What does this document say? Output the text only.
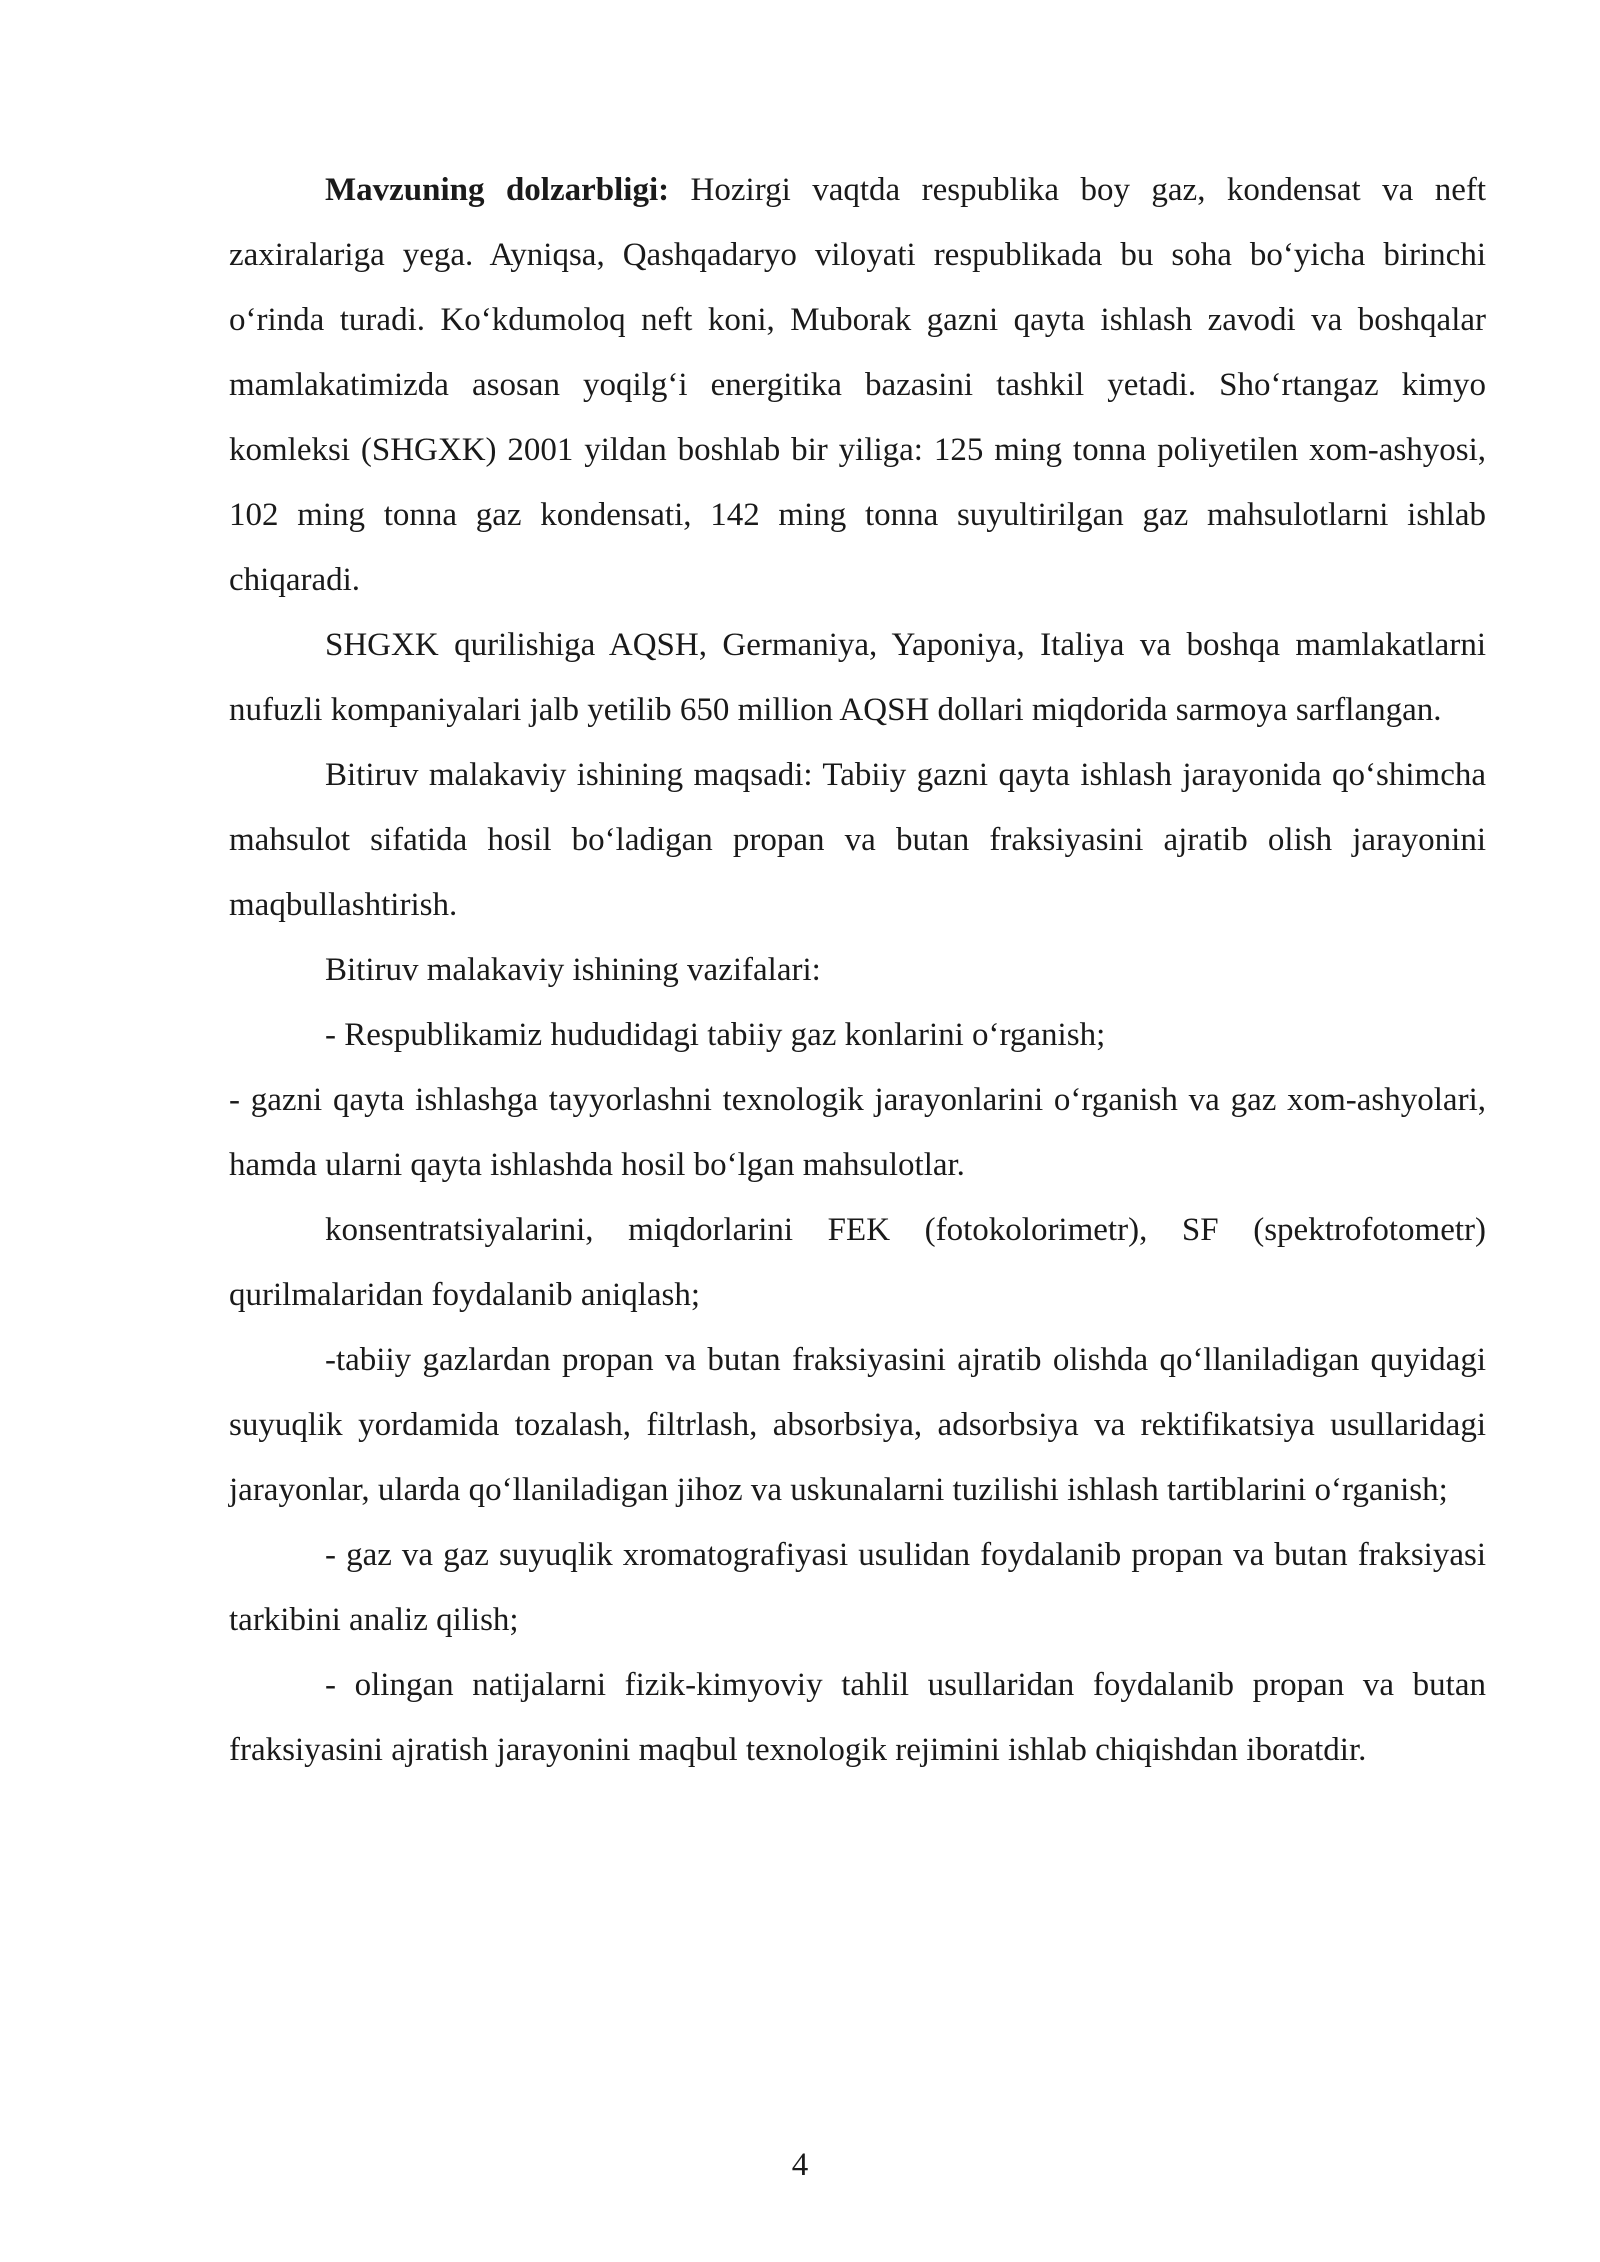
Mavzuning dolzarbligi: Hozirgi vaqtda respublika boy gaz, kondensat va neft zaxiralariga yega. Ayniqsa, Qashqadaryo viloyati respublikada bu soha bo‘yicha birinchi o‘rinda turadi. Ko‘kdumoloq neft koni, Muborak gazni qayta ishlash zavodi va boshqalar mamlakatimizda asosan yoqilg‘i energitika bazasini tashkil yetadi. Sho‘rtangaz kimyo komleksi (SHGXK) 2001 yildan boshlab bir yiliga: 125 ming tonna poliyetilen xom-ashyosi, 102 ming tonna gaz kondensati, 142 ming tonna suyultirilgan gaz mahsulotlarni ishlab chiqaradi.

SHGXK qurilishiga AQSH, Germaniya, Yaponiya, Italiya va boshqa mamlakatlarni nufuzli kompaniyalari jalb yetilib 650 million AQSH dollari miqdorida sarmoya sarflangan.

Bitiruv malakaviy ishining maqsadi: Tabiiy gazni qayta ishlash jarayonida qo‘shimcha mahsulot sifatida hosil bo‘ladigan propan va butan fraksiyasini ajratib olish jarayonini maqbullashtirish.

Bitiruv malakaviy ishining vazifalari:

- Respublikamiz hududidagi tabiiy gaz konlarini o‘rganish;

- gazni qayta ishlashga tayyorlashni texnologik jarayonlarini o‘rganish va gaz xom-ashyolari, hamda ularni qayta ishlashda hosil bo‘lgan mahsulotlar.

konsentratsiyalarini, miqdorlarini FEK (fotokolorimetr), SF (spektrofotometr) qurilmalaridan foydalanib aniqlash;

-tabiiy gazlardan propan va butan fraksiyasini ajratib olishda qo‘llaniladigan quyidagi suyuqlik yordamida tozalash, filtrlash, absorbsiya, adsorbsiya va rektifikatsiya usullaridagi jarayonlar, ularda qo‘llaniladigan jihoz va uskunalarni tuzilishi ishlash tartiblarini o‘rganish;

- gaz va gaz suyuqlik xromatografiyasi usulidan foydalanib propan va butan fraksiyasi tarkibini analiz qilish;

- olingan natijalarni fizik-kimyoviy tahlil usullaridan foydalanib propan va butan fraksiyasini ajratish jarayonini maqbul texnologik rejimini ishlab chiqishdan iboratdir.

4
